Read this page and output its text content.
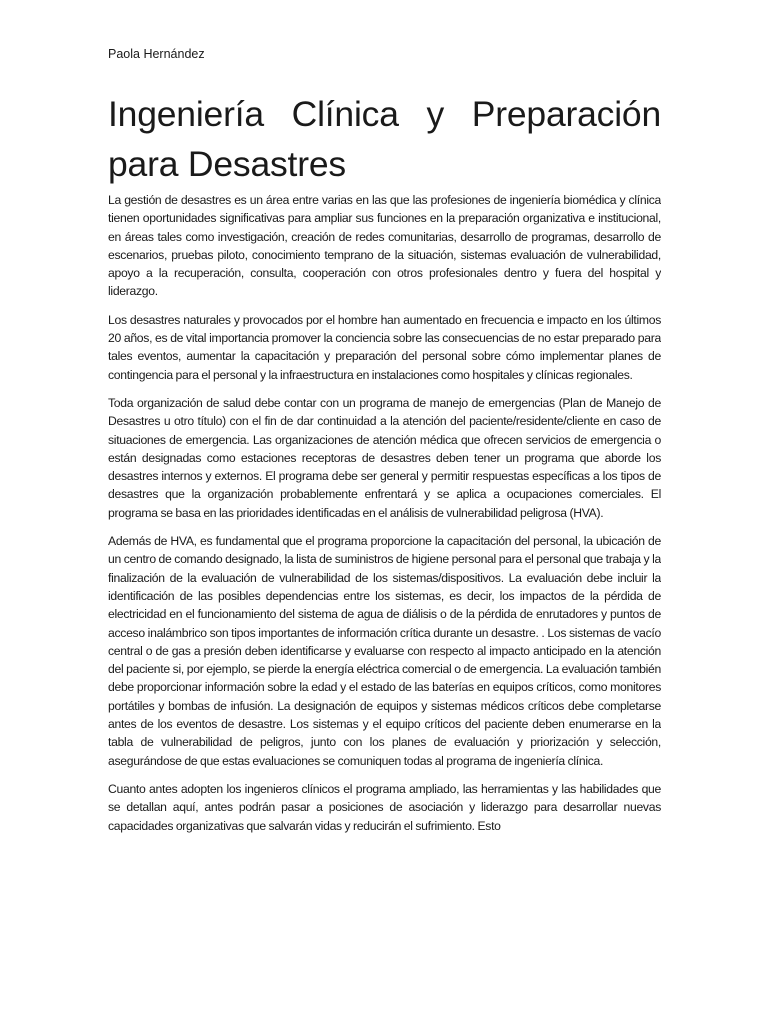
Paola Hernández
Ingeniería Clínica y Preparación para Desastres

La gestión de desastres es un área entre varias en las que las profesiones de ingeniería biomédica y clínica tienen oportunidades significativas para ampliar sus funciones en la preparación organizativa e institucional, en áreas tales como investigación, creación de redes comunitarias, desarrollo de programas, desarrollo de escenarios, pruebas piloto, conocimiento temprano de la situación, sistemas evaluación de vulnerabilidad, apoyo a la recuperación, consulta, cooperación con otros profesionales dentro y fuera del hospital y liderazgo.

Los desastres naturales y provocados por el hombre han aumentado en frecuencia e impacto en los últimos 20 años, es de vital importancia promover la conciencia sobre las consecuencias de no estar preparado para tales eventos, aumentar la capacitación y preparación del personal sobre cómo implementar planes de contingencia para el personal y la infraestructura en instalaciones como hospitales y clínicas regionales.

Toda organización de salud debe contar con un programa de manejo de emergencias (Plan de Manejo de Desastres u otro título) con el fin de dar continuidad a la atención del paciente/residente/cliente en caso de situaciones de emergencia. Las organizaciones de atención médica que ofrecen servicios de emergencia o están designadas como estaciones receptoras de desastres deben tener un programa que aborde los desastres internos y externos. El programa debe ser general y permitir respuestas específicas a los tipos de desastres que la organización probablemente enfrentará y se aplica a ocupaciones comerciales. El programa se basa en las prioridades identificadas en el análisis de vulnerabilidad peligrosa (HVA).

Además de HVA, es fundamental que el programa proporcione la capacitación del personal, la ubicación de un centro de comando designado, la lista de suministros de higiene personal para el personal que trabaja y la finalización de la evaluación de vulnerabilidad de los sistemas/dispositivos. La evaluación debe incluir la identificación de las posibles dependencias entre los sistemas, es decir, los impactos de la pérdida de electricidad en el funcionamiento del sistema de agua de diálisis o de la pérdida de enrutadores y puntos de acceso inalámbrico son tipos importantes de información crítica durante un desastre. . Los sistemas de vacío central o de gas a presión deben identificarse y evaluarse con respecto al impacto anticipado en la atención del paciente si, por ejemplo, se pierde la energía eléctrica comercial o de emergencia. La evaluación también debe proporcionar información sobre la edad y el estado de las baterías en equipos críticos, como monitores portátiles y bombas de infusión. La designación de equipos y sistemas médicos críticos debe completarse antes de los eventos de desastre. Los sistemas y el equipo críticos del paciente deben enumerarse en la tabla de vulnerabilidad de peligros, junto con los planes de evaluación y priorización y selección, asegurándose de que estas evaluaciones se comuniquen todas al programa de ingeniería clínica.

Cuanto antes adopten los ingenieros clínicos el programa ampliado, las herramientas y las habilidades que se detallan aquí, antes podrán pasar a posiciones de asociación y liderazgo para desarrollar nuevas capacidades organizativas que salvarán vidas y reducirán el sufrimiento. Esto
